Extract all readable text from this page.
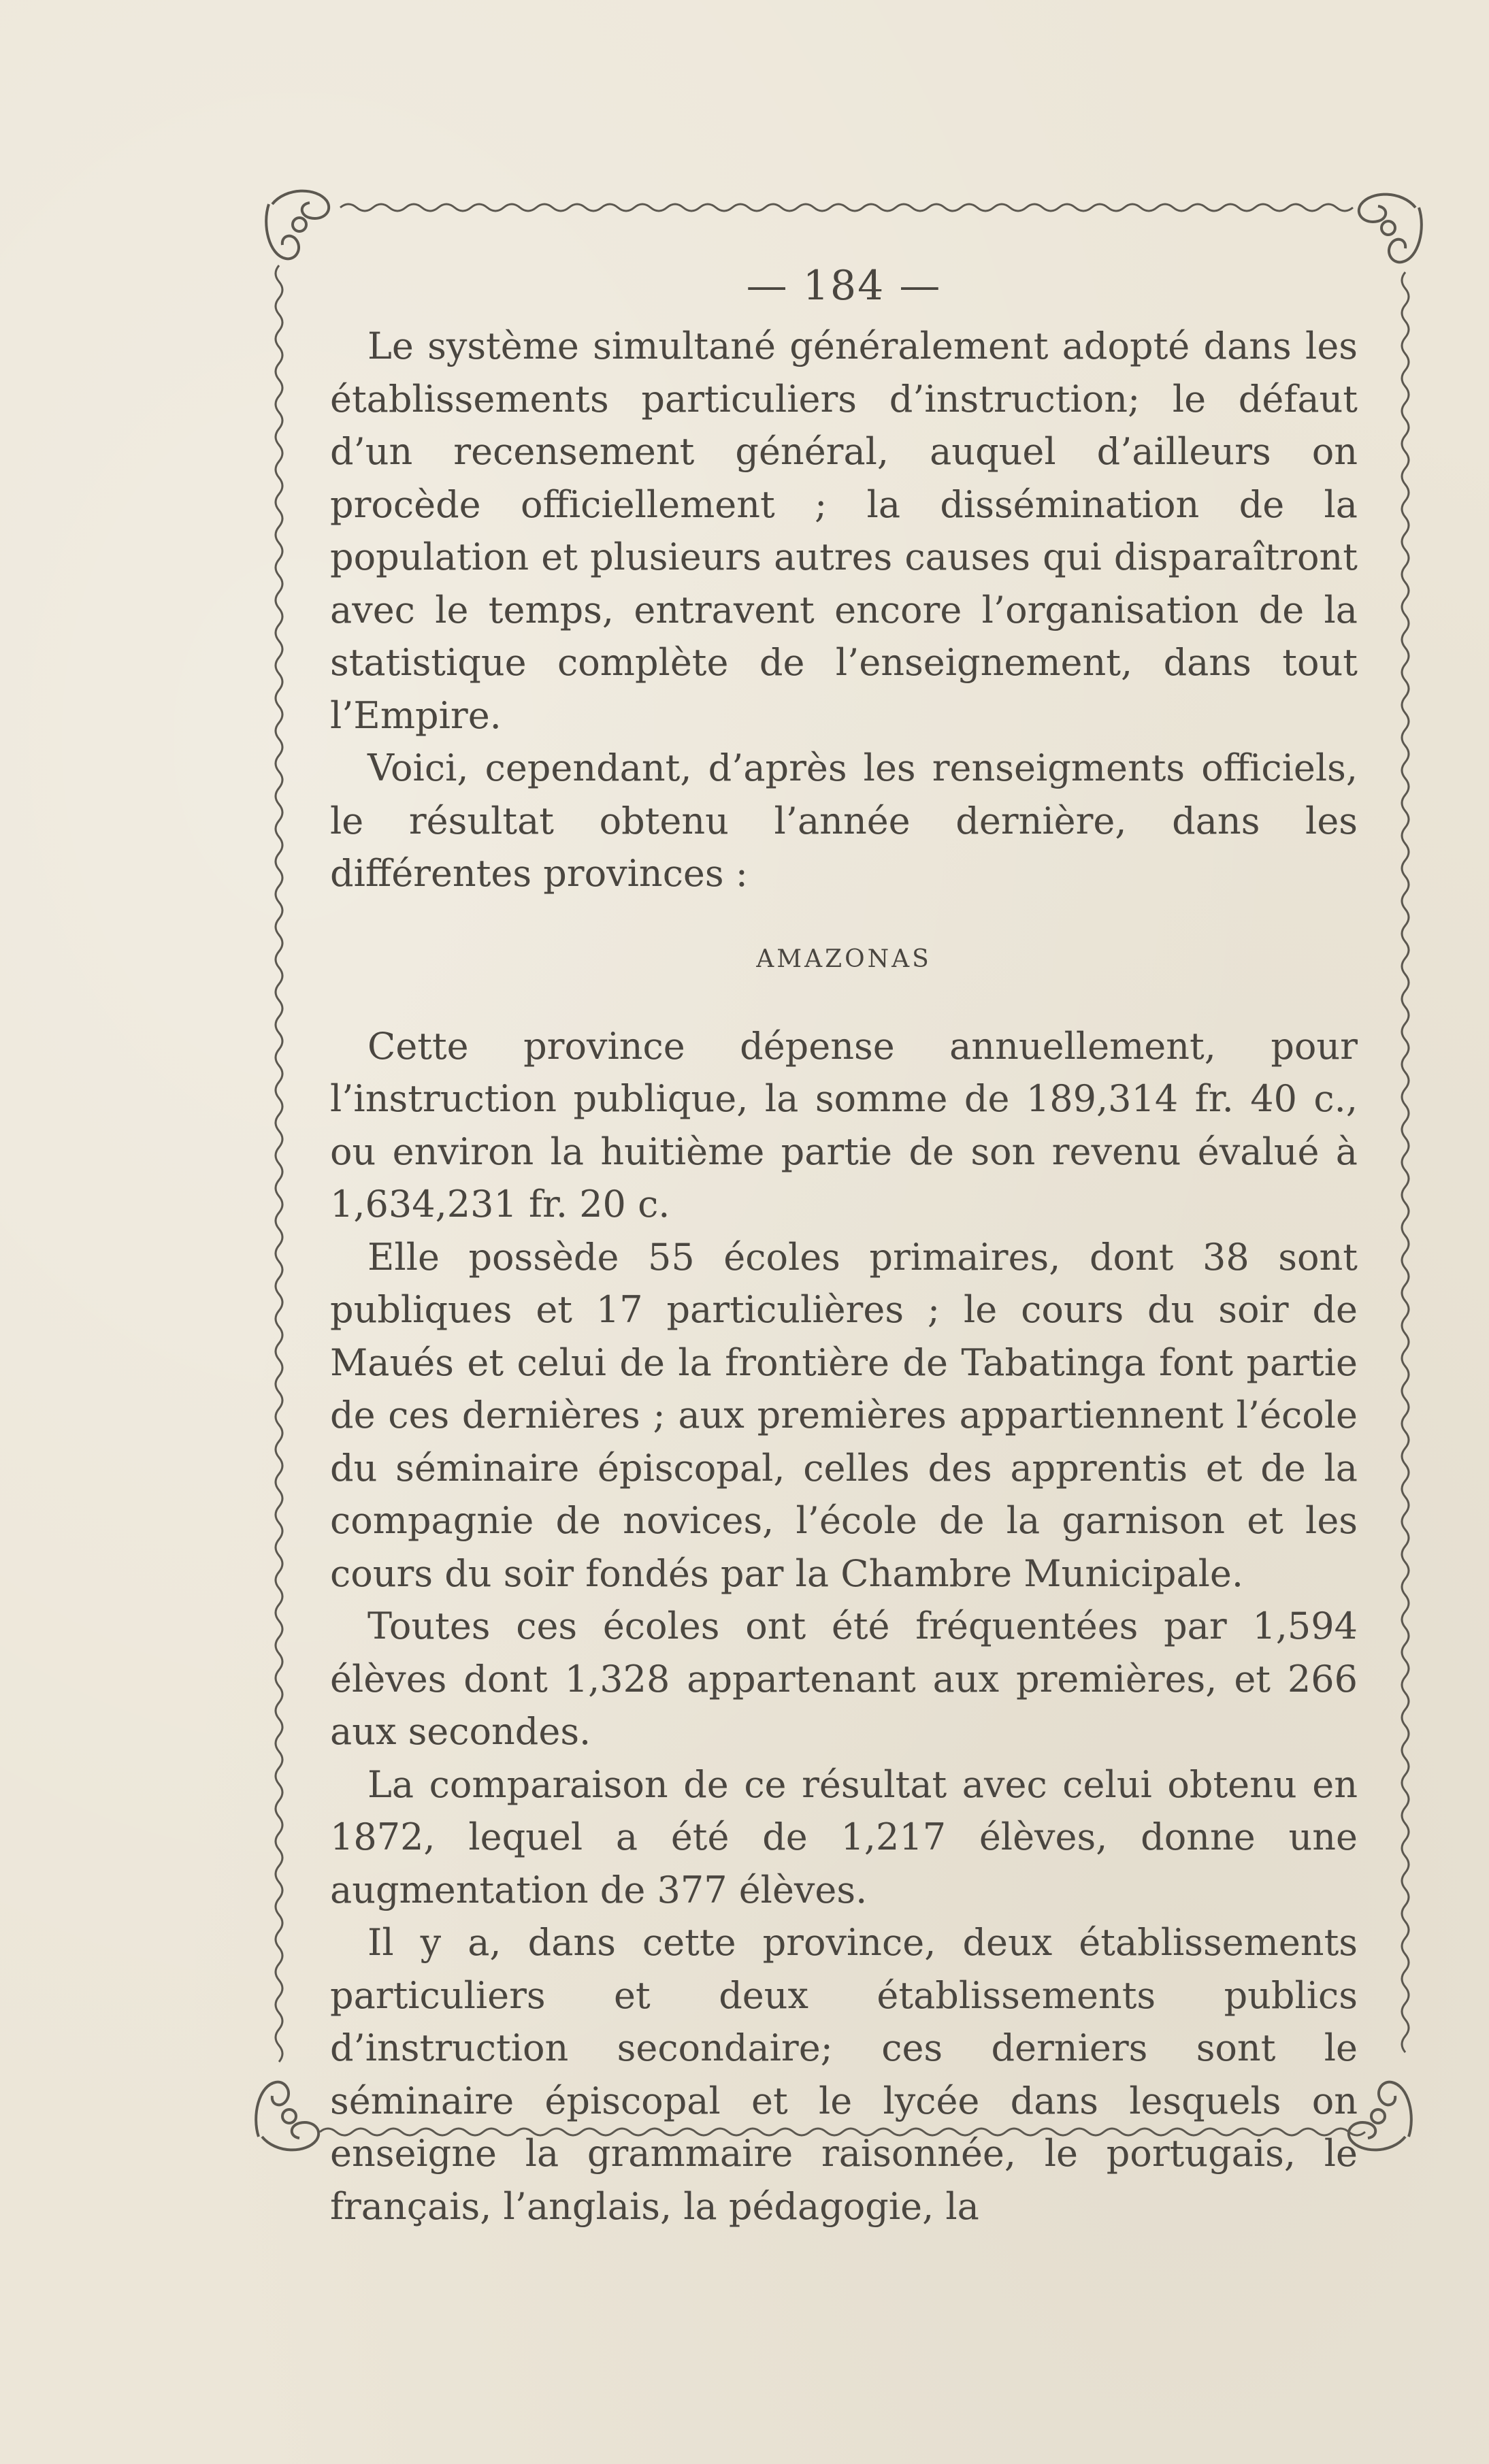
— 184 —

Le système simultané généralement adopté dans les établissements particuliers d’instruction; le défaut d’un recensement général, auquel d’ailleurs on procède officiellement ; la dissémination de la population et plusieurs autres causes qui disparaîtront avec le temps, entravent encore l’organisation de la statistique complète de l’enseignement, dans tout l’Empire.

Voici, cependant, d’après les renseigments officiels, le résultat obtenu l’année dernière, dans les différentes provinces :

AMAZONAS

Cette province dépense annuellement, pour l’instruction publique, la somme de 189,314 fr. 40 c., ou environ la huitième partie de son revenu évalué à 1,634,231 fr. 20 c.

Elle possède 55 écoles primaires, dont 38 sont publiques et 17 particulières ; le cours du soir de Maués et celui de la frontière de Tabatinga font partie de ces dernières ; aux premières appartiennent l’école du séminaire épiscopal, celles des apprentis et de la compagnie de novices, l’école de la garnison et les cours du soir fondés par la Chambre Municipale.

Toutes ces écoles ont été fréquentées par 1,594 élèves dont 1,328 appartenant aux premières, et 266 aux secondes.

La comparaison de ce résultat avec celui obtenu en 1872, lequel a été de 1,217 élèves, donne une augmentation de 377 élèves.

Il y a, dans cette province, deux établissements particuliers et deux établissements publics d’instruction secondaire; ces derniers sont le séminaire épiscopal et le lycée dans lesquels on enseigne la grammaire raisonnée, le portugais, le français, l’anglais, la pédagogie, la
